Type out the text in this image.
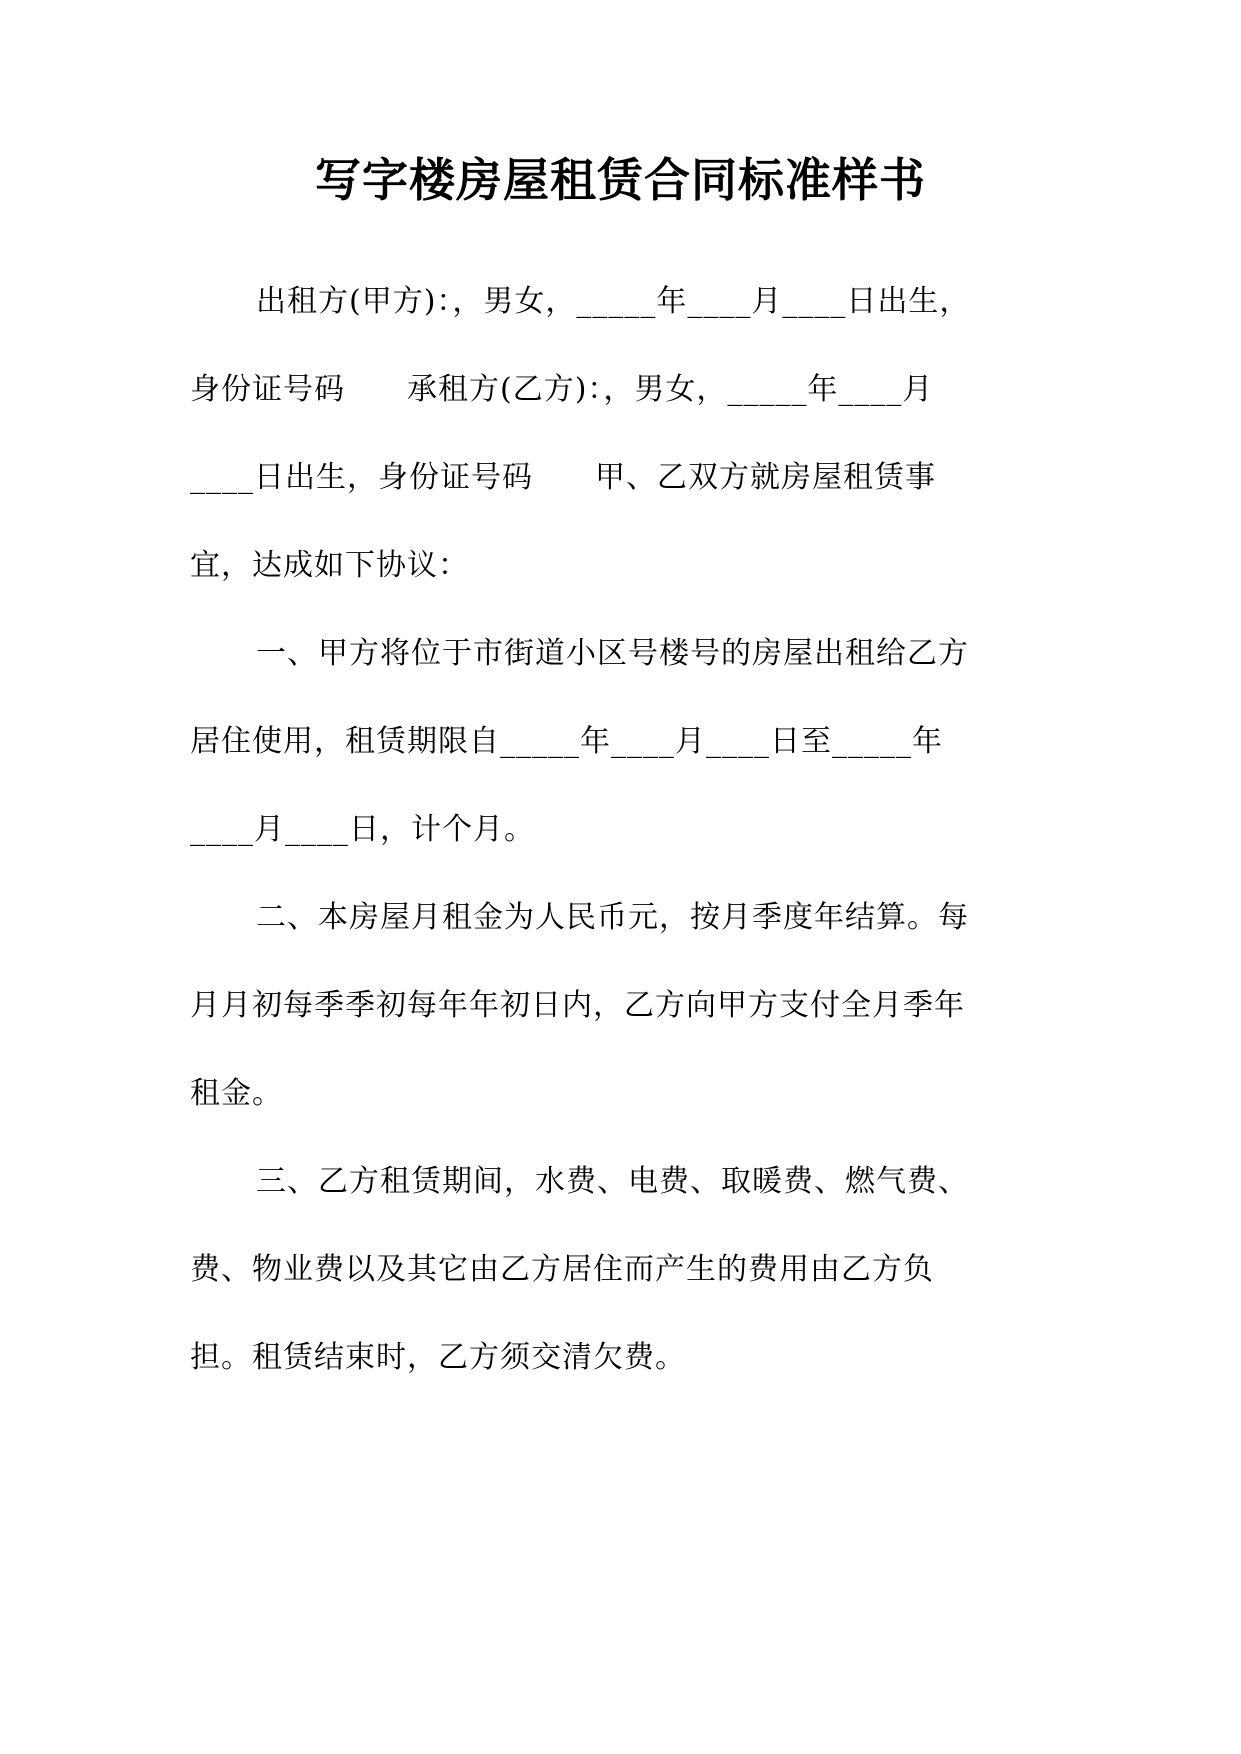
写字楼房屋租赁合同标准样书
出租方(甲方)：，男女，_____年____月____日出生，
身份证号码　　承租方(乙方)：，男女，_____年____月
____日出生，身份证号码　　甲、乙双方就房屋租赁事
宜，达成如下协议：
一、甲方将位于市街道小区号楼号的房屋出租给乙方
居住使用，租赁期限自_____年____月____日至_____年
____月____日，计个月。
二、本房屋月租金为人民币元，按月季度年结算。每
月月初每季季初每年年初日内，乙方向甲方支付全月季年
租金。
三、乙方租赁期间，水费、电费、取暖费、燃气费、
费、物业费以及其它由乙方居住而产生的费用由乙方负
担。租赁结束时，乙方须交清欠费。
